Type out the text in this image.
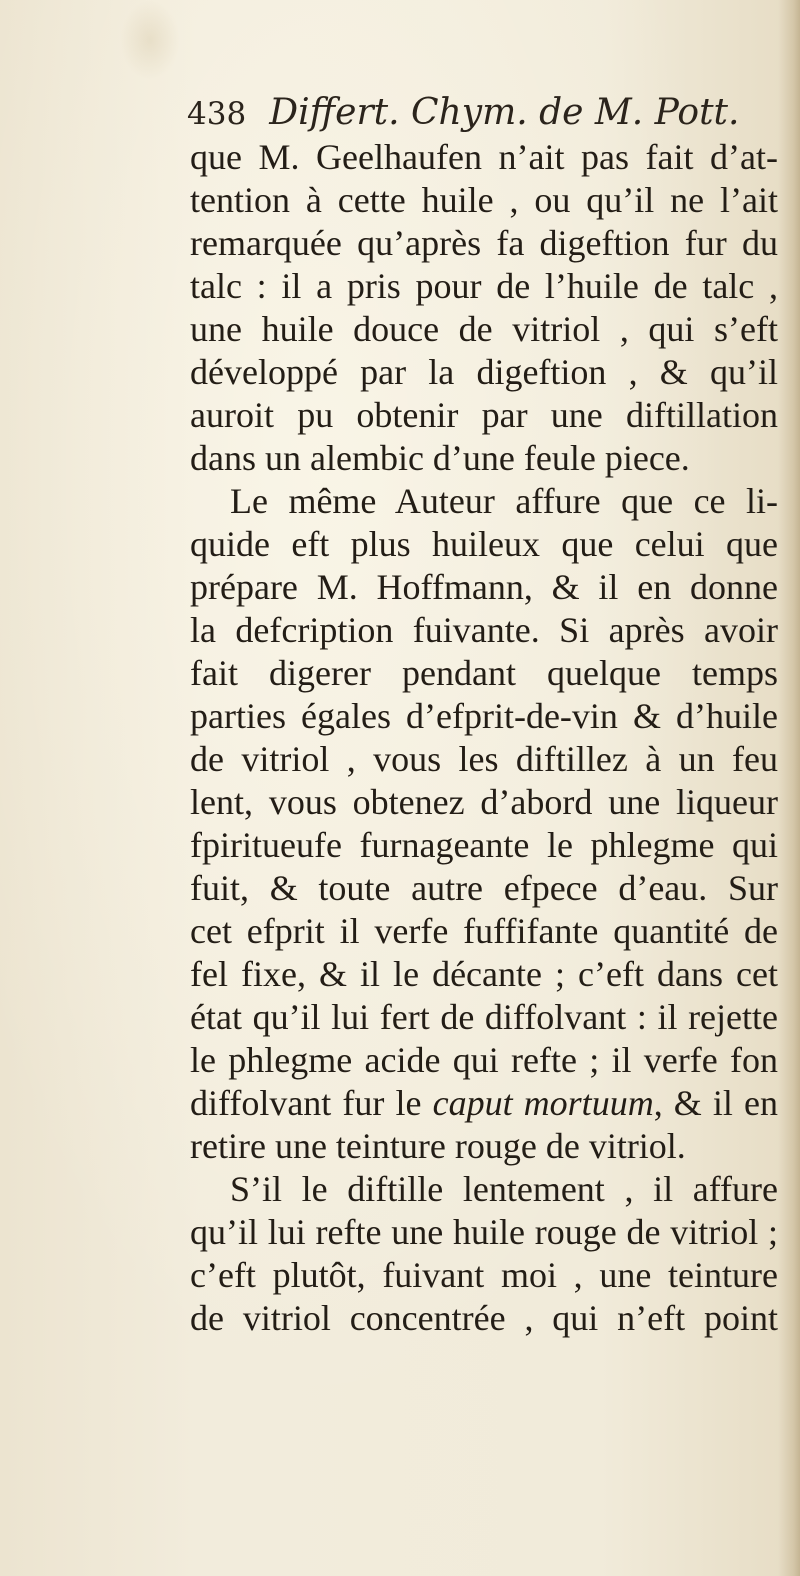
438 Differt. Chym. de M. Pott.
que M. Geelhaufen n’ait pas fait d’at-
tention à cette huile , ou qu’il ne l’ait
remarquée qu’après fa digeftion fur du
talc : il a pris pour de l’huile de talc ,
une huile douce de vitriol , qui s’eft
développé par la digeftion , & qu’il
auroit pu obtenir par une diftillation
dans un alembic d’une feule piece.
Le même Auteur affure que ce li-
quide eft plus huileux que celui que
prépare M. Hoffmann, & il en donne
la defcription fuivante. Si après avoir
fait digerer pendant quelque temps
parties égales d’efprit-de-vin & d’huile
de vitriol , vous les diftillez à un feu
lent, vous obtenez d’abord une liqueur
fpiritueufe furnageante le phlegme qui
fuit, & toute autre efpece d’eau. Sur
cet efprit il verfe fuffifante quantité de
fel fixe, & il le décante ; c’eft dans cet
état qu’il lui fert de diffolvant : il rejette
le phlegme acide qui refte ; il verfe fon
diffolvant fur le caput mortuum, & il en
retire une teinture rouge de vitriol.
S’il le diftille lentement , il affure
qu’il lui refte une huile rouge de vitriol ;
c’eft plutôt, fuivant moi , une teinture
de vitriol concentrée , qui n’eft point
